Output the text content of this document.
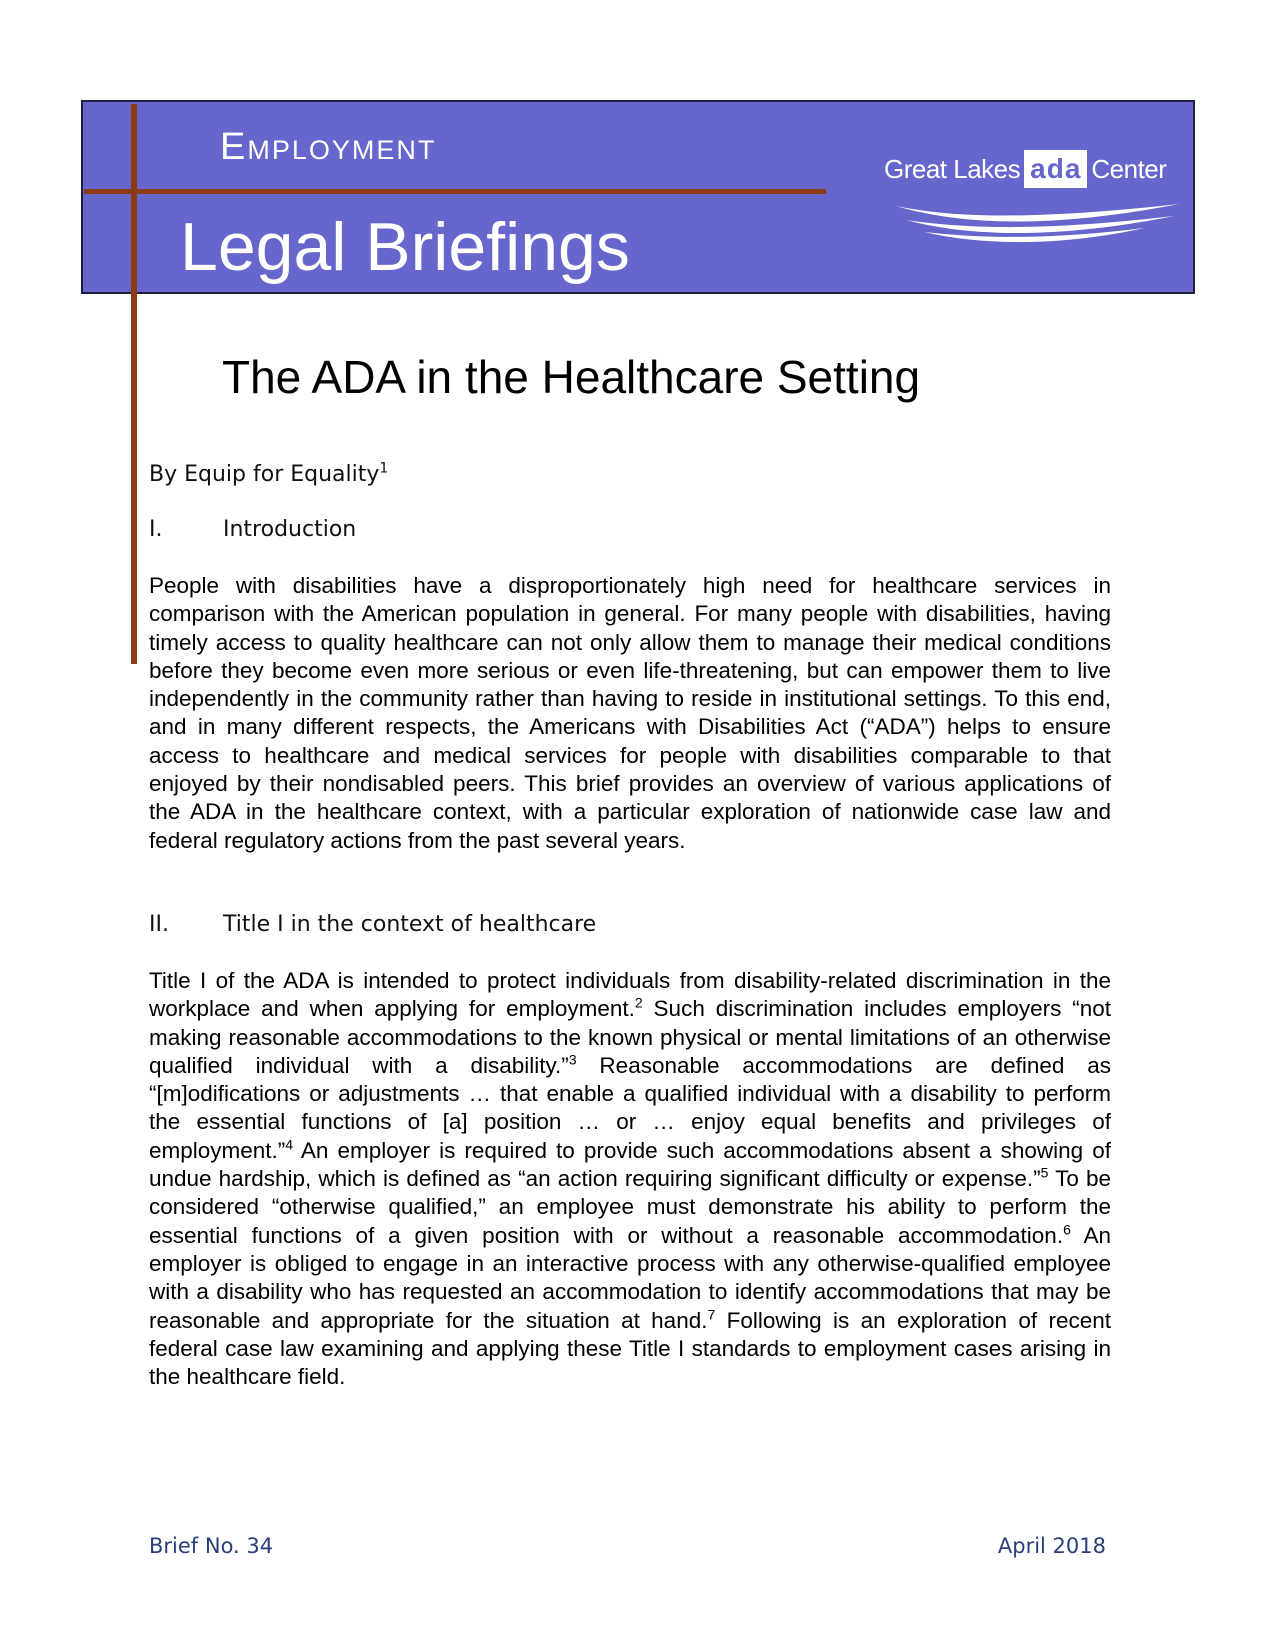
Employment
Legal Briefings
Great Lakes ada Center
The ADA in the Healthcare Setting
By Equip for Equality$^1$
I.	Introduction
People with disabilities have a disproportionately high need for healthcare services in comparison with the American population in general. For many people with disabilities, having timely access to quality healthcare can not only allow them to manage their medical conditions before they become even more serious or even life-threatening, but can empower them to live independently in the community rather than having to reside in institutional settings. To this end, and in many different respects, the Americans with Disabilities Act (“ADA”) helps to ensure access to healthcare and medical services for people with disabilities comparable to that enjoyed by their nondisabled peers. This brief provides an overview of various applications of the ADA in the healthcare context, with a particular exploration of nationwide case law and federal regulatory actions from the past several years.
II. Title I in the context of healthcare
Title I of the ADA is intended to protect individuals from disability-related discrimination in the workplace and when applying for employment.$^2$ Such discrimination includes employers “not making reasonable accommodations to the known physical or mental limitations of an otherwise qualified individual with a disability.”$^3$ Reasonable accommodations are defined as “[m]odifications or adjustments … that enable a qualified individual with a disability to perform the essential functions of [a] position … or … enjoy equal benefits and privileges of employment.”$^4$ An employer is required to provide such accommodations absent a showing of undue hardship, which is defined as “an action requiring significant difficulty or expense.”$^5$ To be considered “otherwise qualified,” an employee must demonstrate his ability to perform the essential functions of a given position with or without a reasonable accommodation.$^6$ An employer is obliged to engage in an interactive process with any otherwise-qualified employee with a disability who has requested an accommodation to identify accommodations that may be reasonable and appropriate for the situation at hand.$^7$ Following is an exploration of recent federal case law examining and applying these Title I standards to employment cases arising in the healthcare field.
Brief No. 34	April 2018
